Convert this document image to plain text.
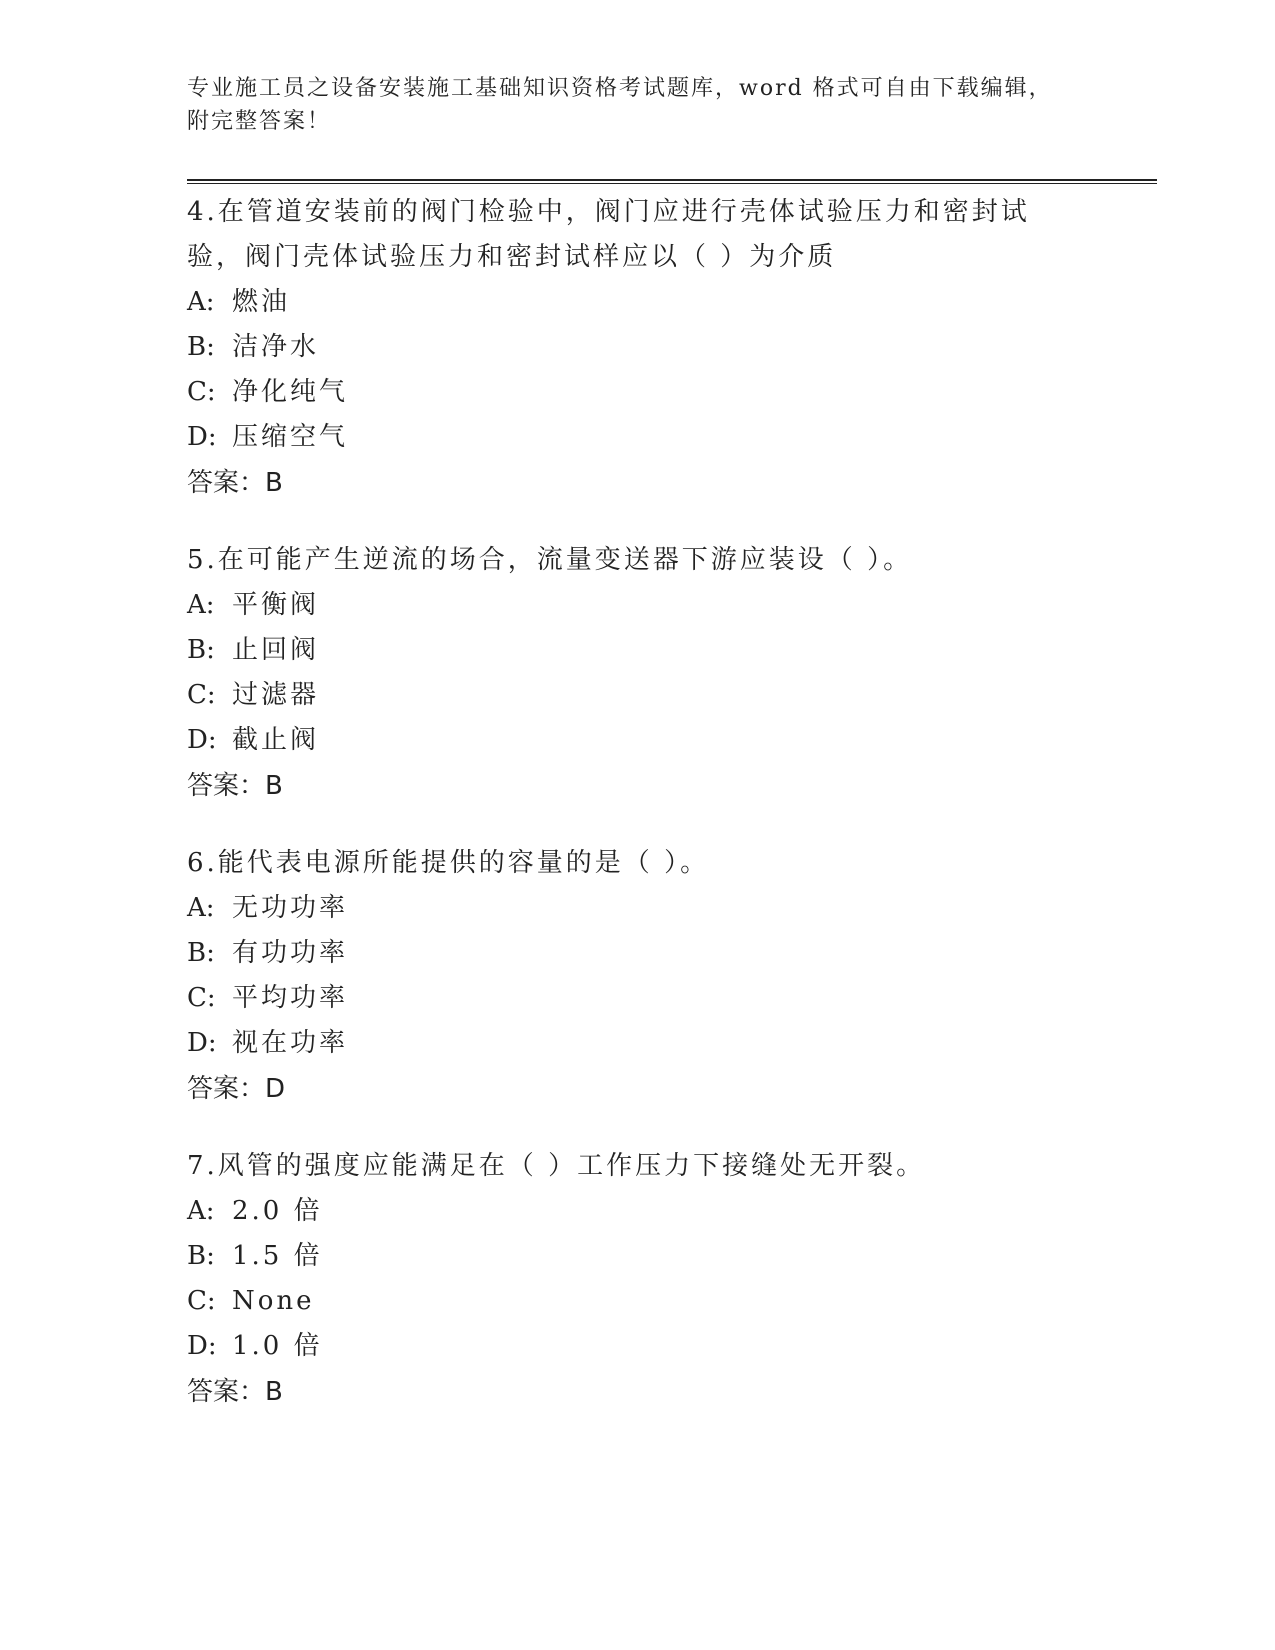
专业施工员之设备安装施工基础知识资格考试题库，word 格式可自由下载编辑，
附完整答案！
4.在管道安装前的阀门检验中，阀门应进行壳体试验压力和密封试验，阀门壳体试验压力和密封试样应以（ ）为介质
A: 燃油
B: 洁净水
C: 净化纯气
D: 压缩空气
答案：B
5.在可能产生逆流的场合，流量变送器下游应装设（ ）。
A: 平衡阀
B: 止回阀
C: 过滤器
D: 截止阀
答案：B
6.能代表电源所能提供的容量的是（ ）。
A: 无功功率
B: 有功功率
C: 平均功率
D: 视在功率
答案：D
7.风管的强度应能满足在（ ）工作压力下接缝处无开裂。
A: 2.0 倍
B: 1.5 倍
C: None
D: 1.0 倍
答案：B
